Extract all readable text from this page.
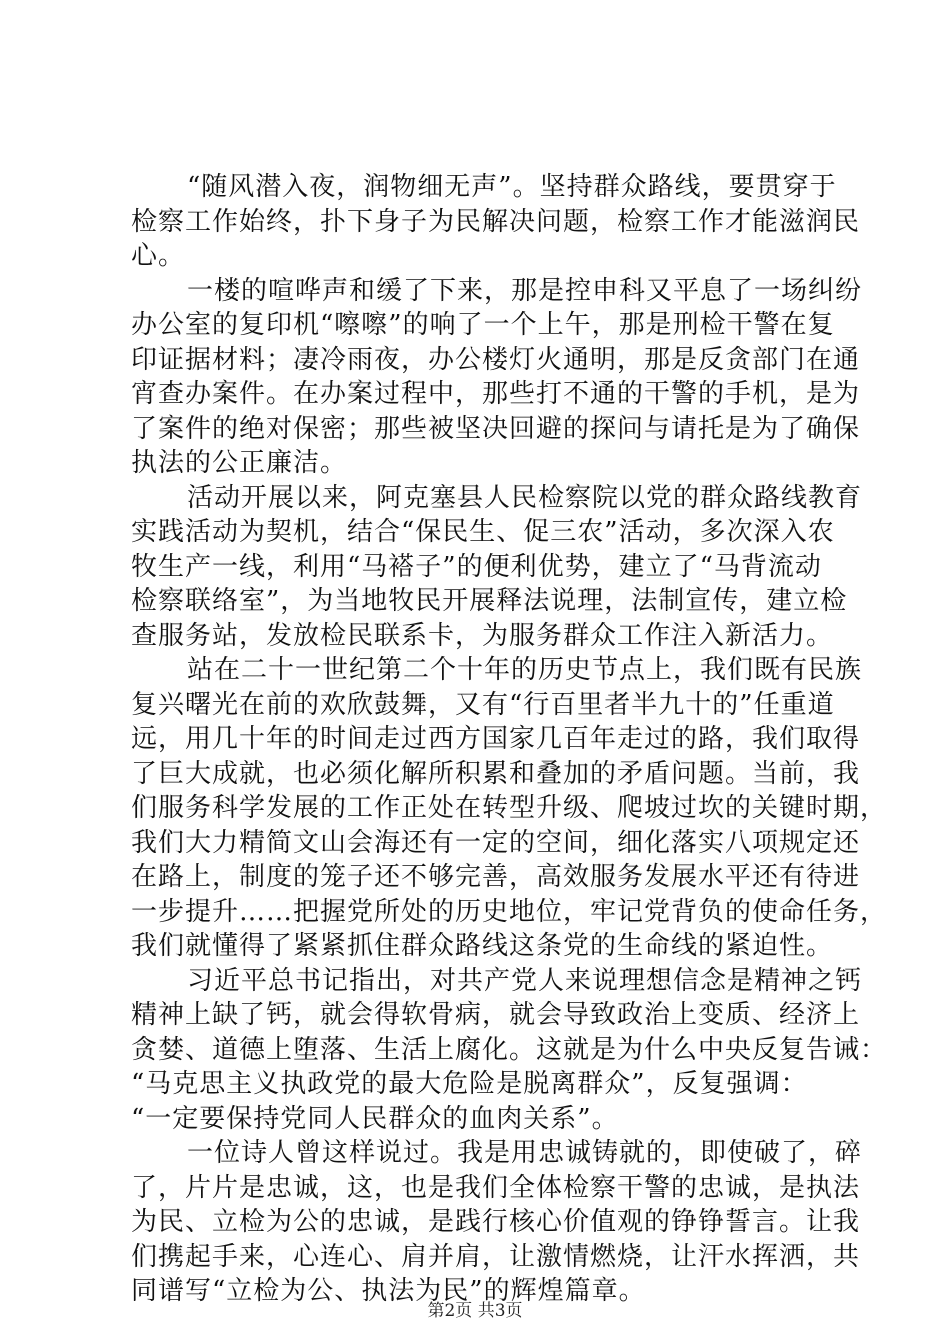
“随风潜入夜，润物细无声”。坚持群众路线，要贯穿于
检察工作始终，扑下身子为民解决问题，检察工作才能滋润民
心。
一楼的喧哗声和缓了下来，那是控申科又平息了一场纠纷
办公室的复印机“嚓嚓”的响了一个上午，那是刑检干警在复
印证据材料；凄冷雨夜，办公楼灯火通明，那是反贪部门在通
宵查办案件。在办案过程中，那些打不通的干警的手机，是为
了案件的绝对保密；那些被坚决回避的探问与请托是为了确保
执法的公正廉洁。
活动开展以来，阿克塞县人民检察院以党的群众路线教育
实践活动为契机，结合“保民生、促三农”活动，多次深入农
牧生产一线，利用“马褡子”的便利优势，建立了“马背流动
检察联络室”，为当地牧民开展释法说理，法制宣传，建立检
查服务站，发放检民联系卡，为服务群众工作注入新活力。
站在二十一世纪第二个十年的历史节点上，我们既有民族
复兴曙光在前的欢欣鼓舞，又有“行百里者半九十的”任重道
远，用几十年的时间走过西方国家几百年走过的路，我们取得
了巨大成就，也必须化解所积累和叠加的矛盾问题。当前，我
们服务科学发展的工作正处在转型升级、爬坡过坎的关键时期，
我们大力精简文山会海还有一定的空间，细化落实八项规定还
在路上，制度的笼子还不够完善，高效服务发展水平还有待进
一步提升……把握党所处的历史地位，牢记党背负的使命任务，
我们就懂得了紧紧抓住群众路线这条党的生命线的紧迫性。
习近平总书记指出，对共产党人来说理想信念是精神之钙
精神上缺了钙，就会得软骨病，就会导致政治上变质、经济上
贪婪、道德上堕落、生活上腐化。这就是为什么中央反复告诫：
“马克思主义执政党的最大危险是脱离群众”，反复强调：
“一定要保持党同人民群众的血肉关系”。
一位诗人曾这样说过。我是用忠诚铸就的，即使破了，碎
了，片片是忠诚，这，也是我们全体检察干警的忠诚，是执法
为民、立检为公的忠诚，是践行核心价值观的铮铮誓言。让我
们携起手来，心连心、肩并肩，让激情燃烧，让汗水挥洒，共
同谱写“立检为公、执法为民”的辉煌篇章。
第2页 共3页
